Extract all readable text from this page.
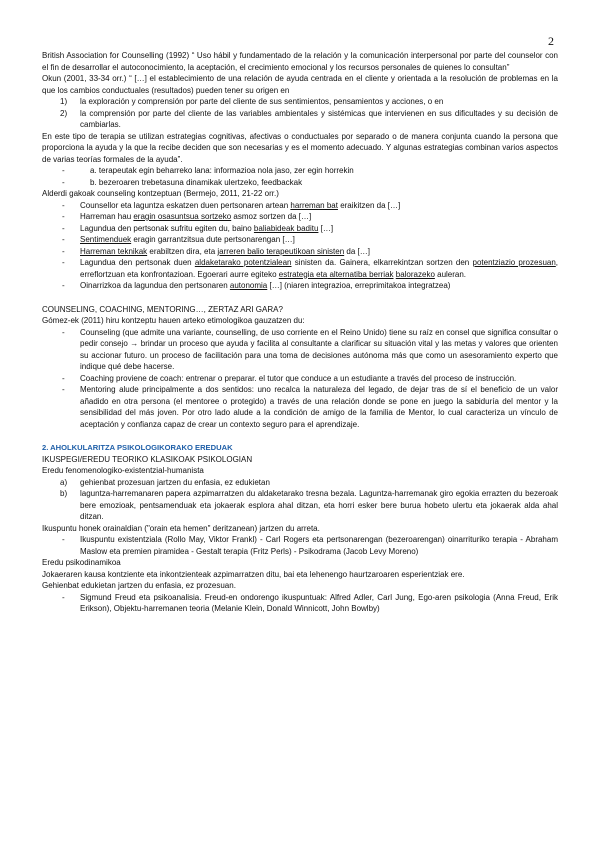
2

British Association for Counselling (1992) “ Uso hábil y fundamentado de la relación y la comunicación interpersonal por parte del counselor con el fin de desarrollar el autoconocimiento, la aceptación, el crecimiento emocional y los recursos personales de quienes lo consultan”

Okun (2001, 33-34 orr.) “ […] el establecimiento de una relación de ayuda centrada en el cliente y orientada a la resolución de problemas en la que los cambios conductuales (resultados) pueden tener su origen en

1) la exploración y comprensión por parte del cliente de sus sentimientos, pensamientos y acciones, o en
2) la comprensión por parte del cliente de las variables ambientales y sistémicas que intervienen en sus dificultades y su decisión de cambiarlas.

En este tipo de terapia se utilizan estrategias cognitivas, afectivas o conductuales por separado o de manera conjunta cuando la persona que proporciona la ayuda y la que la recibe deciden que son necesarias y es el momento adecuado. Y algunas estrategias combinan varios aspectos de varias teorías formales de la ayuda”.

-	a. terapeutak egin beharreko lana: informazioa nola jaso, zer egin horrekin
-	b. bezeroaren trebetasuna dinamikak ulertzeko, feedbackak

Alderdi gakoak counseling kontzeptuan (Bermejo, 2011, 21-22 orr.)

- Counsellor eta laguntza eskatzen duen pertsonaren artean harreman bat eraikitzen da […]
- Harreman hau eragin osasuntsua sortzeko asmoz sortzen da […]
- Lagundua den pertsonak sufritu egiten du, baino baliabideak baditu […]
- Sentimenduek eragin garrantzitsua dute pertsonarengan […]
- Harreman teknikak erabiltzen dira, eta jarreren balio terapeutikoan sinisten da […]
- Lagundua den pertsonak duen aldaketarako potentzialean sinisten da. Gainera, elkarrekintzan sortzen den potentziazio prozesuan, erreflortzuan eta konfrontazioan. Egoerari aurre egiteko estrategia eta alternatiba berriak balorazeko auleran.
- Oinarrizkoa da lagundua den pertsonaren autonomia […] (niaren integrazioa, erreprimitakoa integratzea)

COUNSELING, COACHING, MENTORING…, ZERTAZ ARI GARA?

Gómez-ek (2011) hiru kontzeptu hauen arteko etimologikoa gauzatzen du:

- Counseling (que admite una variante, counselling, de uso corriente en el Reino Unido) tiene su raíz en consel que significa consultar o pedir consejo → brindar un proceso que ayuda y facilita al consultante a clarificar su situación vital y las metas y valores que orienten su accionar futuro. un proceso de facilitación para una toma de decisiones autónoma más que como un asesoramiento experto que indique qué debe hacerse.
- Coaching proviene de coach: entrenar o preparar. el tutor que conduce a un estudiante a través del proceso de instrucción.
- Mentoring alude principalmente a dos sentidos: uno recalca la naturaleza del legado, de dejar tras de sí el beneficio de un valor añadido en otra persona (el mentoree o protegido) a través de una relación donde se pone en juego la sabiduría del mentor y la sensibilidad del más joven. Por otro lado alude a la condición de amigo de la familia de Mentor, lo cual caracteriza un vínculo de aceptación y confianza capaz de crear un contexto seguro para el aprendizaje.

2. AHOLKULARITZA PSIKOLOGIKORAKO EREDUAK

IKUSPEGI/EREDU TEORIKO KLASIKOAK PSIKOLOGIAN

Eredu fenomenologiko-existentzial-humanista

a) gehienbat prozesuan jartzen du enfasia, ez edukietan
b) laguntza-harremanaren papera azpimarratzen du aldaketarako tresna bezala. Laguntza-harremanak giro egokia errazten du bezeroak bere emozioak, pentsamenduak eta jokaerak esplora ahal ditzan, eta horri esker bere burua hobeto ulertu eta jokaerak alda ahal ditzan.

Ikuspuntu honek orainaldian ("orain eta hemen" deritzanean) jartzen du arreta.

- Ikuspuntu existentziala (Rollo May, Viktor Frankl) - Carl Rogers eta pertsonarengan (bezeroarengan) oinarrituriko terapia - Abraham Maslow eta premien piramidea - Gestalt terapia (Fritz Perls) - Psikodrama (Jacob Levy Moreno)

Eredu psikodinamikoa

Jokaeraren kausa kontziente eta inkontzienteak azpimarratzen ditu, bai eta lehenengo haurtzaroaren esperientziak ere.

Gehienbat edukietan jartzen du enfasia, ez prozesuan.

- Sigmund Freud eta psikoanalisia. Freud-en ondorengo ikuspuntuak: Alfred Adler, Carl Jung, Ego-aren psikologia (Anna Freud, Erik Erikson), Objektu-harremanen teoria (Melanie Klein, Donald Winnicott, John Bowlby)
